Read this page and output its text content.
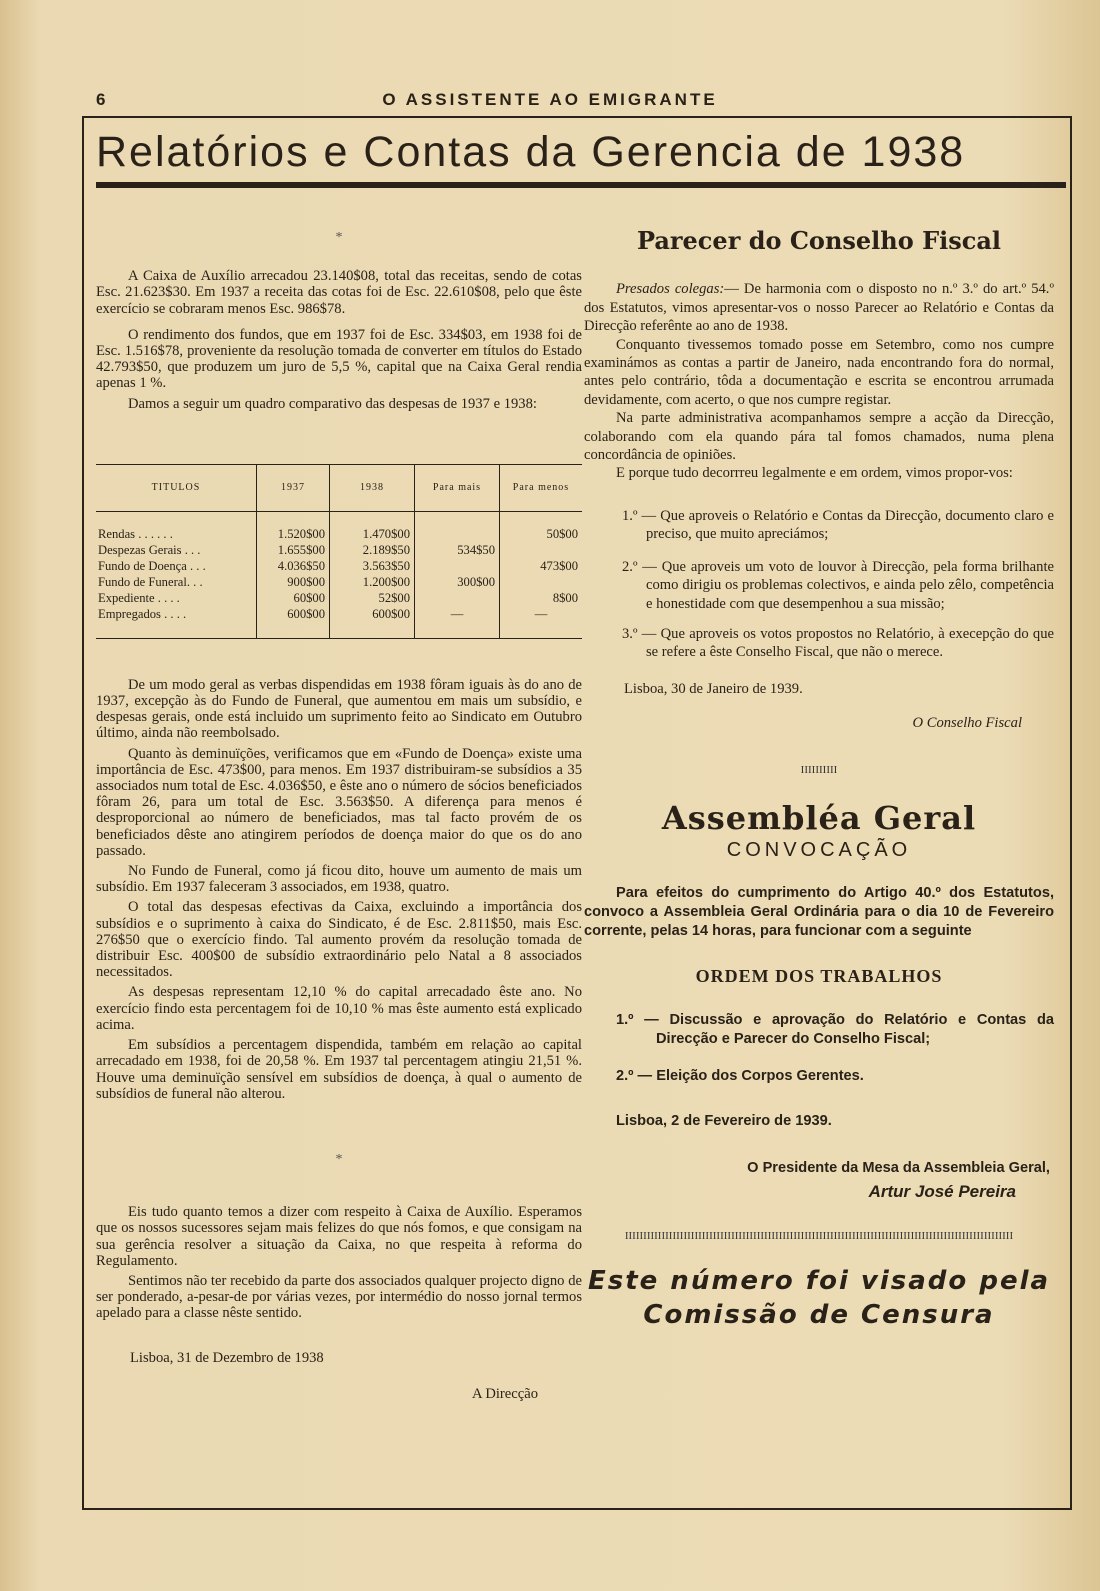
6	O ASSISTENTE AO EMIGRANTE
Relatórios e Contas da Gerencia de 1938
*

A Caixa de Auxílio arrecadou 23.140$08, total das receitas, sendo de cotas Esc. 21.623$30. Em 1937 a receita das cotas foi de Esc. 22.610$08, pelo que êste exercício se cobraram menos Esc. 986$78.

O rendimento dos fundos, que em 1937 foi de Esc. 334$03, em 1938 foi de Esc. 1.516$78, proveniente da resolução tomada de converter em títulos do Estado 42.793$50, que produzem um juro de 5,5 %, capital que na Caixa Geral rendia apenas 1 %.

Damos a seguir um quadro comparativo das despesas de 1937 e 1938:

TITULOS	1937	1938	Para mais	Para menos
Rendas . . . . . .	1.520$00	1.470$00		50$00
Despezas Gerais . . .	1.655$00	2.189$50	534$50	
Fundo de Doença . . .	4.036$50	3.563$50		473$00
Fundo de Funeral. . .	900$00	1.200$00	300$00	
Expediente . . . .	60$00	52$00		8$00
Empregados . . . .	600$00	600$00	—	—

De um modo geral as verbas dispendidas em 1938 fôram iguais às do ano de 1937, excepção às do Fundo de Funeral, que aumentou em mais um subsídio, e despesas gerais, onde está incluido um suprimento feito ao Sindicato em Outubro último, ainda não reembolsado.

Quanto às deminuïções, verificamos que em «Fundo de Doença» existe uma importância de Esc. 473$00, para menos. Em 1937 distribuiram-se subsídios a 35 associados num total de Esc. 4.036$50, e êste ano o número de sócios beneficiados fôram 26, para um total de Esc. 3.563$50. A diferença para menos é desproporcional ao número de beneficiados, mas tal facto provém de os beneficiados dêste ano atingirem períodos de doença maior do que os do ano passado.

No Fundo de Funeral, como já ficou dito, houve um aumento de mais um subsídio. Em 1937 faleceram 3 associados, em 1938, quatro.

O total das despesas efectivas da Caixa, excluindo a importância dos subsídios e o suprimento à caixa do Sindicato, é de Esc. 2.811$50, mais Esc. 276$50 que o exercício findo. Tal aumento provém da resolução tomada de distribuir Esc. 400$00 de subsídio extraordinário pelo Natal a 8 associados necessitados.

As despesas representam 12,10 % do capital arrecadado êste ano. No exercício findo esta percentagem foi de 10,10 % mas êste aumento está explicado acima.

Em subsídios a percentagem dispendida, também em relação ao capital arrecadado em 1938, foi de 20,58 %. Em 1937 tal percentagem atingiu 21,51 %. Houve uma deminuïção sensível em subsídios de doença, à qual o aumento de subsídios de funeral não alterou.

*

Eis tudo quanto temos a dizer com respeito à Caixa de Auxílio. Esperamos que os nossos sucessores sejam mais felizes do que nós fomos, e que consigam na sua gerência resolver a situação da Caixa, no que respeita à reforma do Regulamento.

Sentimos não ter recebido da parte dos associados qualquer projecto digno de ser ponderado, a-pesar-de por várias vezes, por intermédio do nosso jornal termos apelado para a classe nêste sentido.

Lisboa, 31 de Dezembro de 1938
A Direcção
Parecer do Conselho Fiscal

Presados colegas:— De harmonia com o disposto no n.º 3.º do art.º 54.º dos Estatutos, vimos apresentar-vos o nosso Parecer ao Relatório e Contas da Direcção referênte ao ano de 1938.

Conquanto tivessemos tomado posse em Setembro, como nos cumpre examinámos as contas a partir de Janeiro, nada encontrando fora do normal, antes pelo contrário, tôda a documentação e escrita se encontrou arrumada devidamente, com acerto, o que nos cumpre registar.

Na parte administrativa acompanhamos sempre a acção da Direcção, colaborando com ela quando pára tal fomos chamados, numa plena concordância de opiniões.

E porque tudo decorrreu legalmente e em ordem, vimos propor-vos:

1.º — Que aproveis o Relatório e Contas da Direcção, documento claro e preciso, que muito apreciámos;

2.º — Que aproveis um voto de louvor à Direcção, pela forma brilhante como dirigiu os problemas colectivos, e ainda pelo zêlo, competência e honestidade com que desempenhou a sua missão;

3.º — Que aproveis os votos propostos no Relatório, à execepção do que se refere a êste Conselho Fiscal, que não o merece.

Lisboa, 30 de Janeiro de 1939.
O Conselho Fiscal
IIIIIIIIII
Assembléa Geral
CONVOCAÇÃO

Para efeitos do cumprimento do Artigo 40.º dos Estatutos, convoco a Assembleia Geral Ordinária para o dia 10 de Fevereiro corrente, pelas 14 horas, para funcionar com a seguinte

ORDEM DOS TRABALHOS

1.º — Discussão e aprovação do Relatório e Contas da Direcção e Parecer do Conselho Fiscal;

2.º — Eleição dos Corpos Gerentes.

Lisboa, 2 de Fevereiro de 1939.
O Presidente da Mesa da Assembleia Geral,
Artur José Pereira
IIIIIIIIIIIIIIIIIIIIIIIIIIIIIIIIIIIIIIIIIIIIIIIIIIIIIIIIIIIIIIIIIIIIIIIIIIIIIIIIIIIIIIIIIIIIIIIIIIIIIIIIII
Este número foi visado pela
Comissão de Censura
